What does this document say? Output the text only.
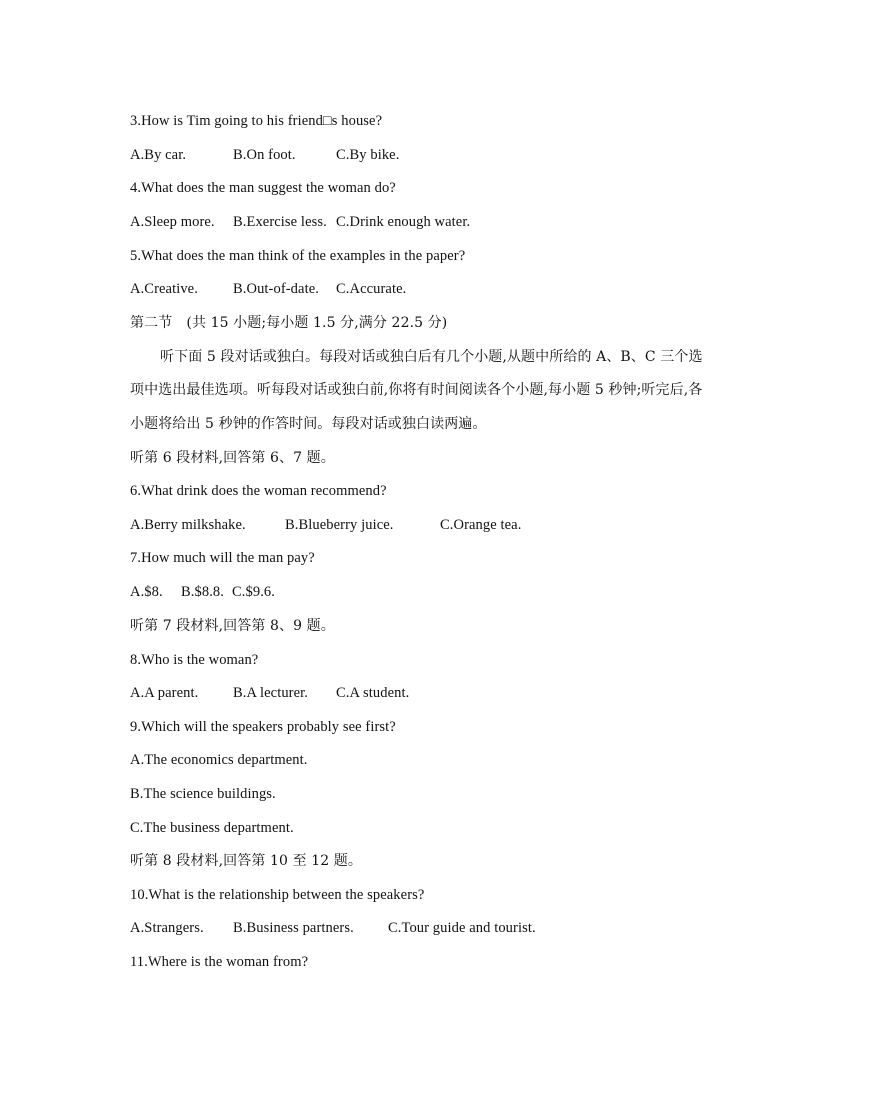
3.How is Tim going to his friend□s house?
A.By car.	B.On foot.	C.By bike.
4.What does the man suggest the woman do?
A.Sleep more. B.Exercise less. C.Drink enough water.
5.What does the man think of the examples in the paper?
A.Creative. B.Out-of-date. C.Accurate.
第二节　(共 15 小题;每小题 1.5 分,满分 22.5 分)
听下面 5 段对话或独白。每段对话或独白后有几个小题,从题中所给的 A、B、C 三个选
项中选出最佳选项。听每段对话或独白前,你将有时间阅读各个小题,每小题 5 秒钟;听完后,各
小题将给出 5 秒钟的作答时间。每段对话或独白读两遍。
听第 6 段材料,回答第 6、7 题。
6.What drink does the woman recommend?
A.Berry milkshake.	B.Blueberry juice.	C.Orange tea.
7.How much will the man pay?
A.$8. B.$8.8. C.$9.6.
听第 7 段材料,回答第 8、9 题。
8.Who is the woman?
A.A parent. B.A lecturer. C.A student.
9.Which will the speakers probably see first?
A.The economics department.
B.The science buildings.
C.The business department.
听第 8 段材料,回答第 10 至 12 题。
10.What is the relationship between the speakers?
A.Strangers. B.Business partners. C.Tour guide and tourist.
11.Where is the woman from?
